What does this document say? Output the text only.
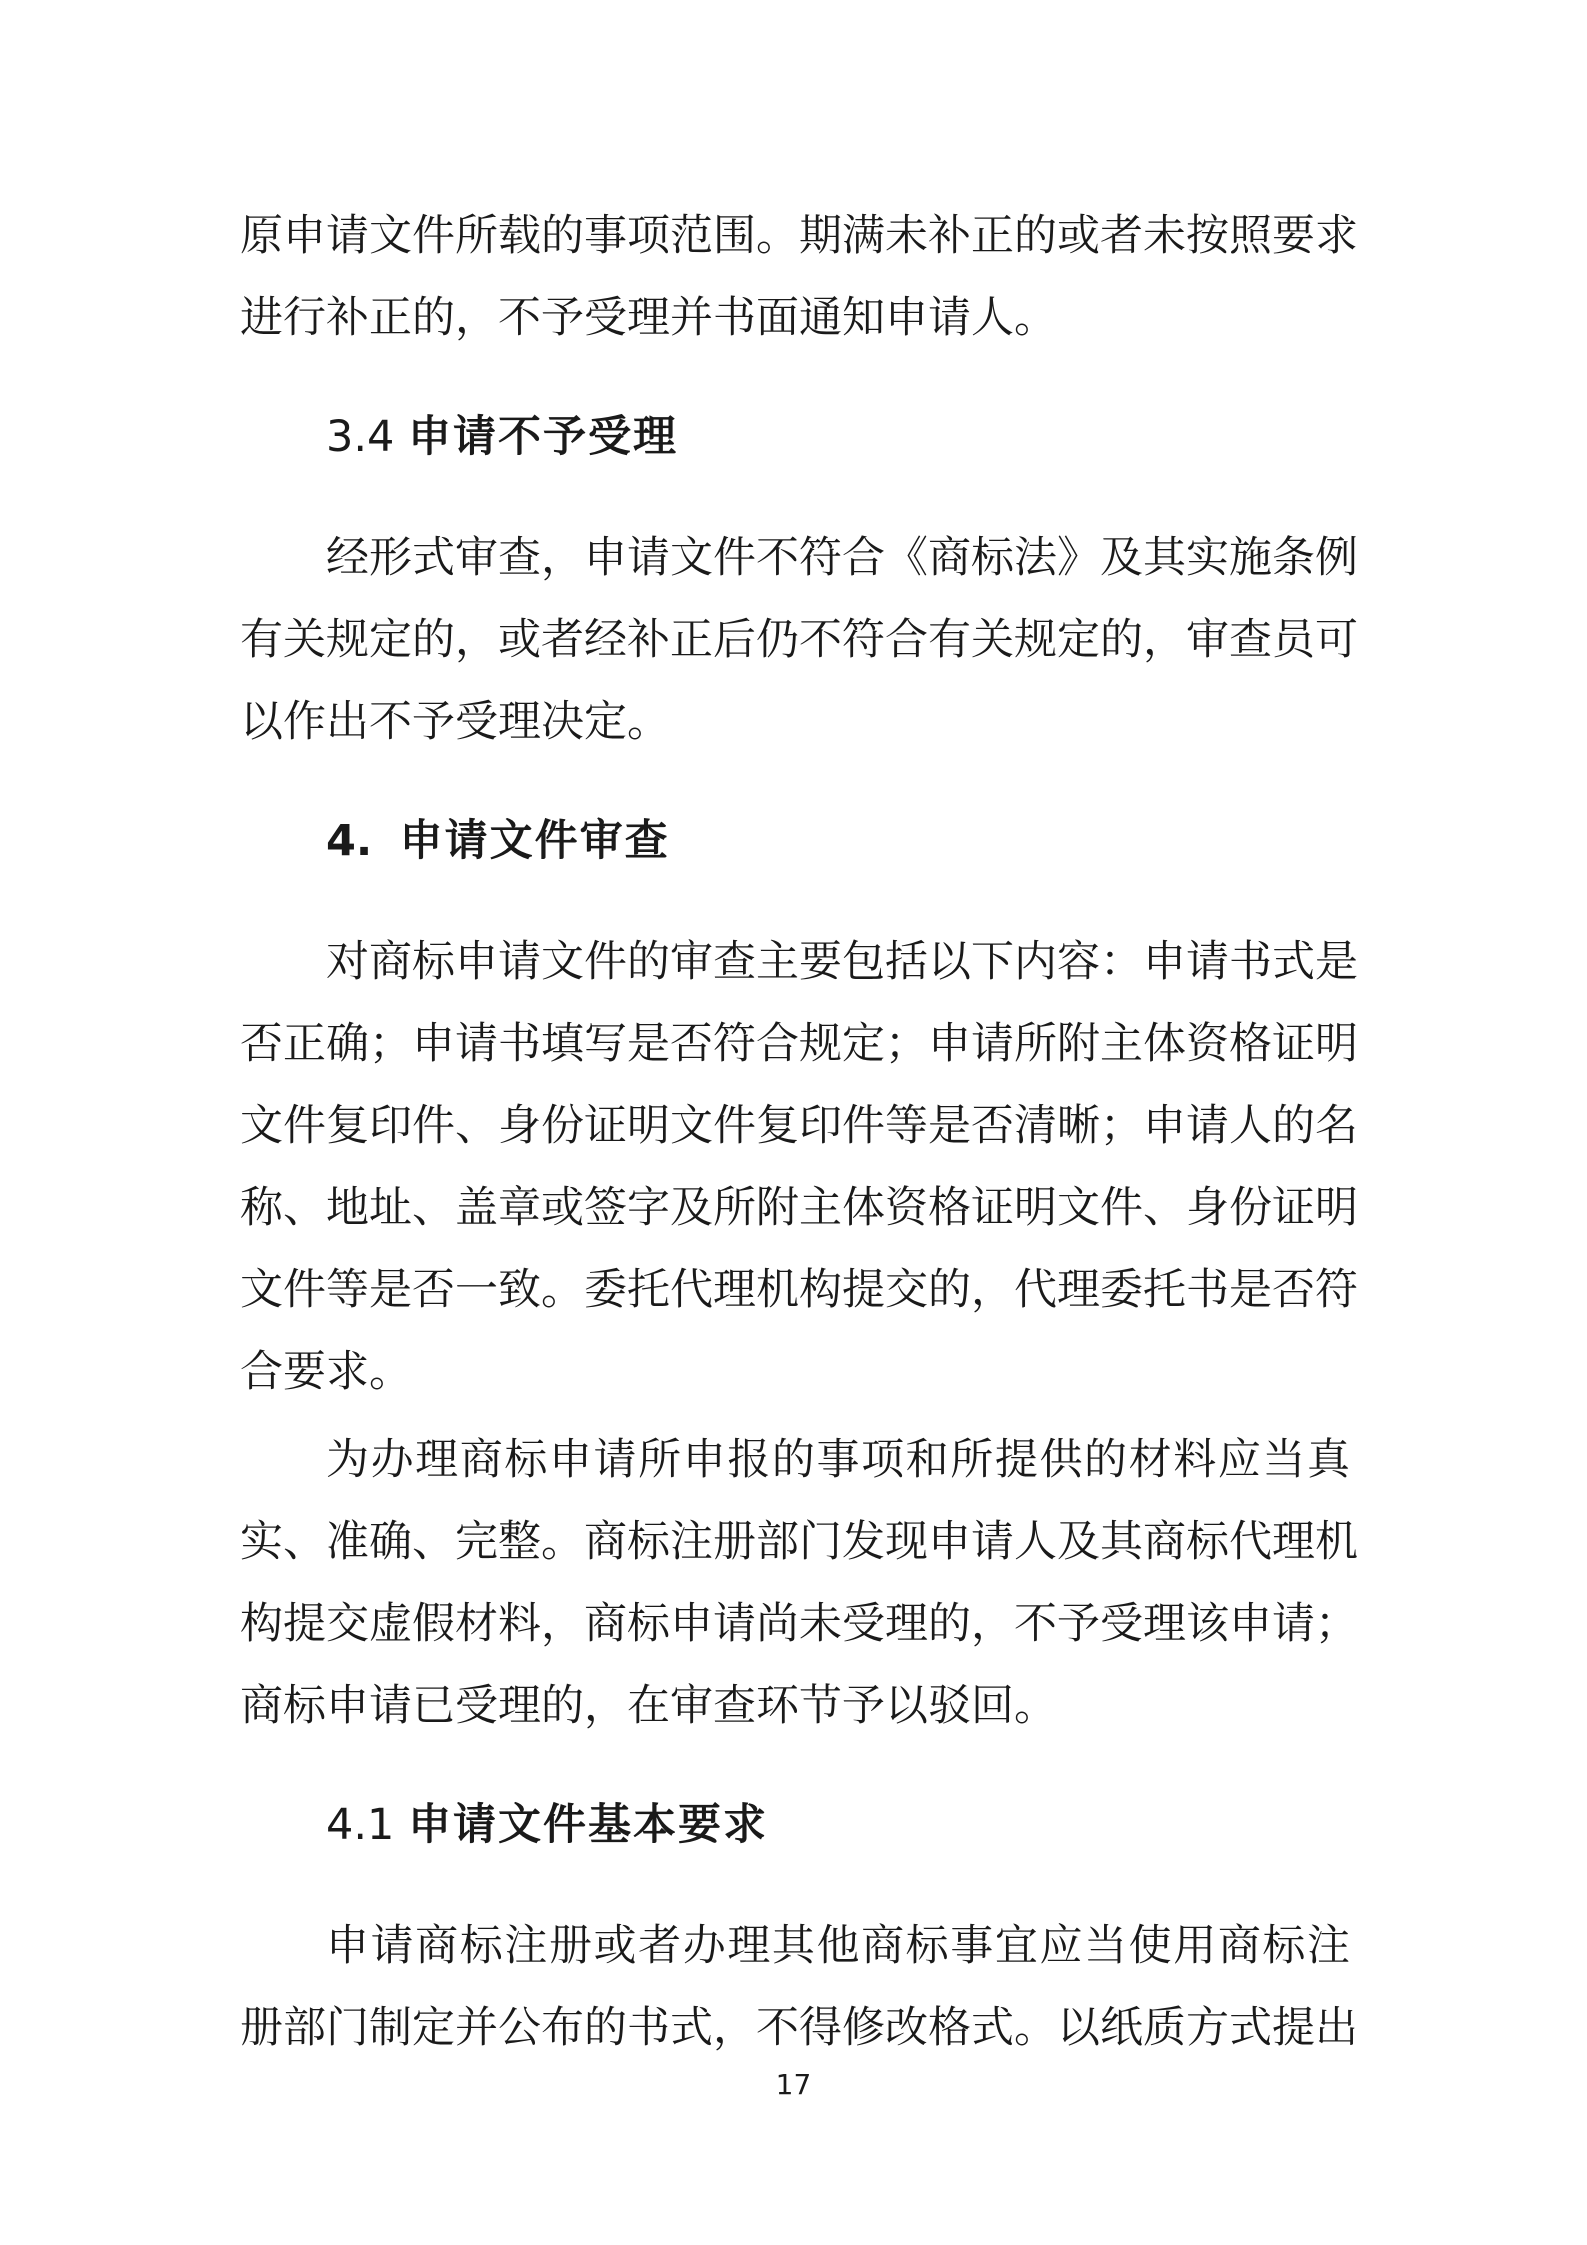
原申请文件所载的事项范围。期满未补正的或者未按照要求
进行补正的，不予受理并书面通知申请人。
3.4 申请不予受理
经形式审查，申请文件不符合《商标法》及其实施条例
有关规定的，或者经补正后仍不符合有关规定的，审查员可
以作出不予受理决定。
4. 申请文件审查
对商标申请文件的审查主要包括以下内容：申请书式是
否正确；申请书填写是否符合规定；申请所附主体资格证明
文件复印件、身份证明文件复印件等是否清晰；申请人的名
称、地址、盖章或签字及所附主体资格证明文件、身份证明
文件等是否一致。委托代理机构提交的，代理委托书是否符
合要求。
为办理商标申请所申报的事项和所提供的材料应当真
实、准确、完整。商标注册部门发现申请人及其商标代理机
构提交虚假材料，商标申请尚未受理的，不予受理该申请；
商标申请已受理的，在审查环节予以驳回。
4.1 申请文件基本要求
申请商标注册或者办理其他商标事宜应当使用商标注
册部门制定并公布的书式，不得修改格式。以纸质方式提出
17
